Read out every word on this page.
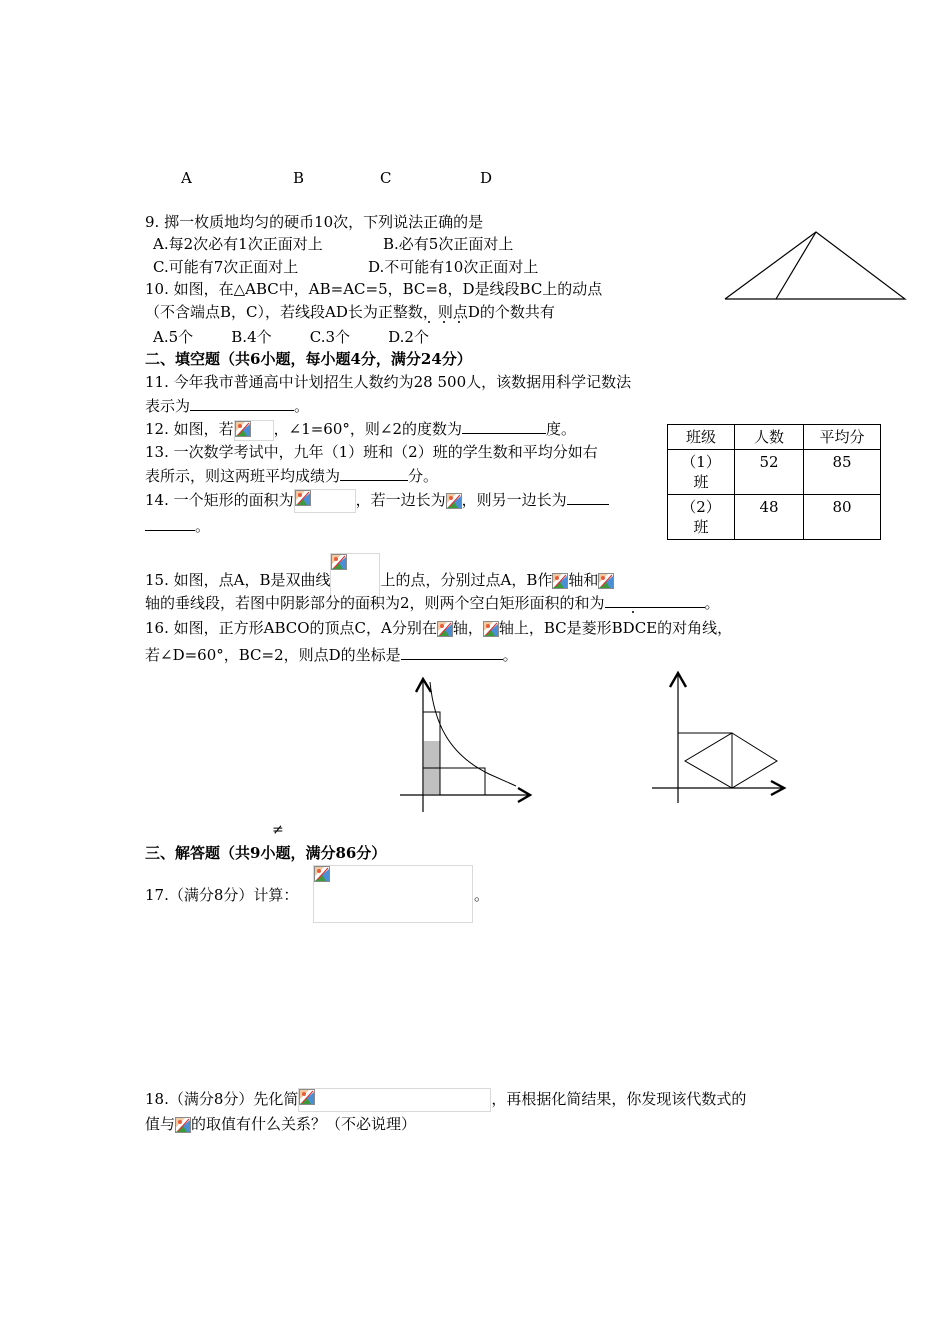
A	B	C	D
9. 掷一枚质地均匀的硬币10次，下列说法正确的是
A.每2次必有1次正面对上	B.必有5次正面对上
C.可能有7次正面对上	D.不可能有10次正面对上
10. 如图，在△ABC中，AB=AC=5，BC=8，D是线段BC上的动点
（不含端点B，C），若线段AD长为正整数，则点D的个数共有
A.5个        B.4个        C.3个        D.2个
二、填空题（共6小题，每小题4分，满分24分）
11. 今年我市普通高中计划招生人数约为28 500人，该数据用科学记数法
表示为	。
12. 如图，若	，∠1=60°，则∠2的度数为	度。
13. 一次数学考试中，九年（1）班和（2）班的学生数和平均分如右
表所示，则这两班平均成绩为	分。
班级	人数	平均分

（1）
班	52	85

（2）
班	48	80
14. 一个矩形的面积为	，若一边长为 ，则另一边长为
。
15. 如图，点A，B是双曲线	上的点，分别过点A，B作 轴和
轴的垂线段，若图中阴影部分的面积为2，则两个空白矩形面积的和为	。
16. 如图，正方形ABCO的顶点C，A分别在 轴， 轴上，BC是菱形BDCE的对角线，
若∠D=60°，BC=2，则点D的坐标是	。
≠
三、解答题（共9小题，满分86分）
17.（满分8分）计算：	。
18.（满分8分）先化简	，再根据化简结果，你发现该代数式的
值与 的取值有什么关系？（不必说理）
